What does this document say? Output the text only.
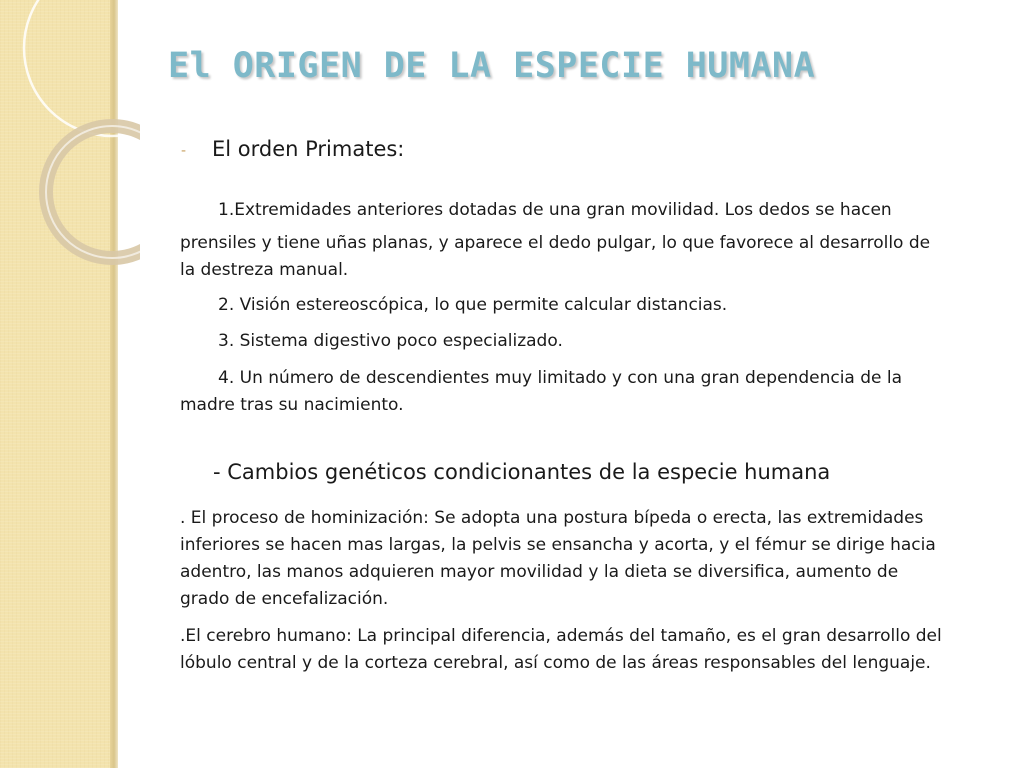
El ORIGEN DE LA ESPECIE HUMANA
- El orden Primates:
1.Extremidades anteriores dotadas de una gran movilidad. Los dedos se hacen
prensiles y tiene uñas planas, y aparece el dedo pulgar, lo que favorece al desarrollo de
la destreza manual.
2. Visión estereoscópica, lo que permite calcular distancias.
3. Sistema digestivo poco especializado.
4. Un número de descendientes muy limitado y con una gran dependencia de la
madre tras su nacimiento.
- Cambios genéticos condicionantes de la especie humana
. El proceso de hominización: Se adopta una postura bípeda o erecta, las extremidades
inferiores se hacen mas largas, la pelvis se ensancha y acorta, y el fémur se dirige hacia
adentro, las manos adquieren mayor movilidad y la dieta se diversifica, aumento de
grado de encefalización.
.El cerebro humano: La principal diferencia, además del tamaño, es el gran desarrollo del
lóbulo central y de la corteza cerebral, así como de las áreas responsables del lenguaje.
